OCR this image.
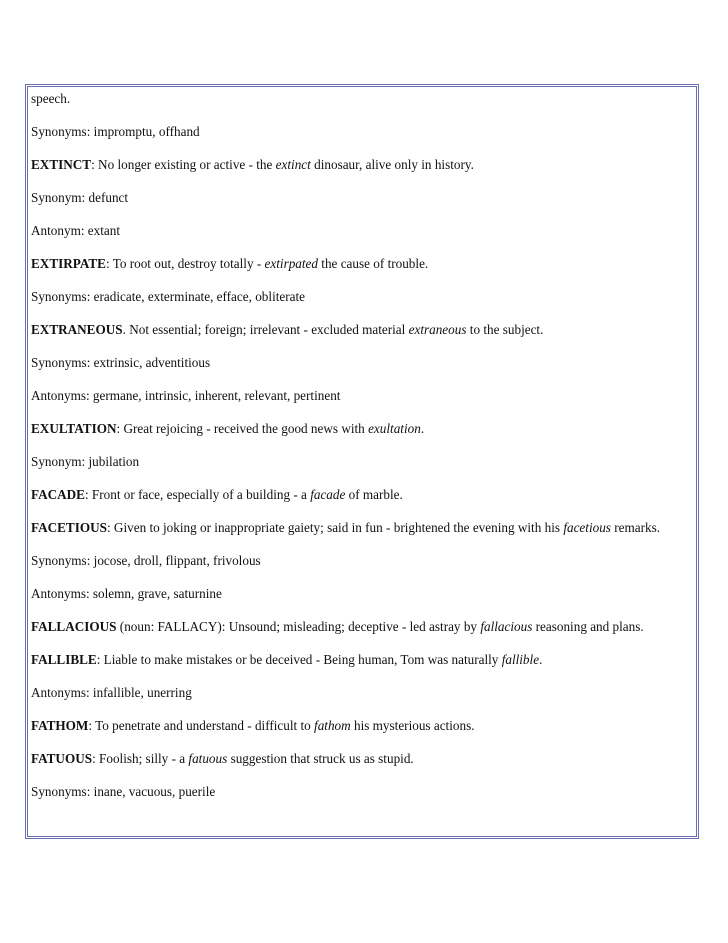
speech.

Synonyms: impromptu, offhand

EXTINCT: No longer existing or active - the extinct dinosaur, alive only in history.

Synonym: defunct

Antonym: extant

EXTIRPATE: To root out, destroy totally - extirpated the cause of trouble.

Synonyms: eradicate, exterminate, efface, obliterate

EXTRANEOUS. Not essential; foreign; irrelevant - excluded material extraneous to the subject.

Synonyms: extrinsic, adventitious

Antonyms: germane, intrinsic, inherent, relevant, pertinent

EXULTATION: Great rejoicing - received the good news with exultation.

Synonym: jubilation

FACADE: Front or face, especially of a building - a facade of marble.

FACETIOUS: Given to joking or inappropriate gaiety; said in fun - brightened the evening with his facetious remarks.

Synonyms: jocose, droll, flippant, frivolous

Antonyms: solemn, grave, saturnine

FALLACIOUS (noun: FALLACY): Unsound; misleading; deceptive - led astray by fallacious reasoning and plans.

FALLIBLE: Liable to make mistakes or be deceived - Being human, Tom was naturally fallible.

Antonyms: infallible, unerring

FATHOM: To penetrate and understand - difficult to fathom his mysterious actions.

FATUOUS: Foolish; silly - a fatuous suggestion that struck us as stupid.

Synonyms: inane, vacuous, puerile
